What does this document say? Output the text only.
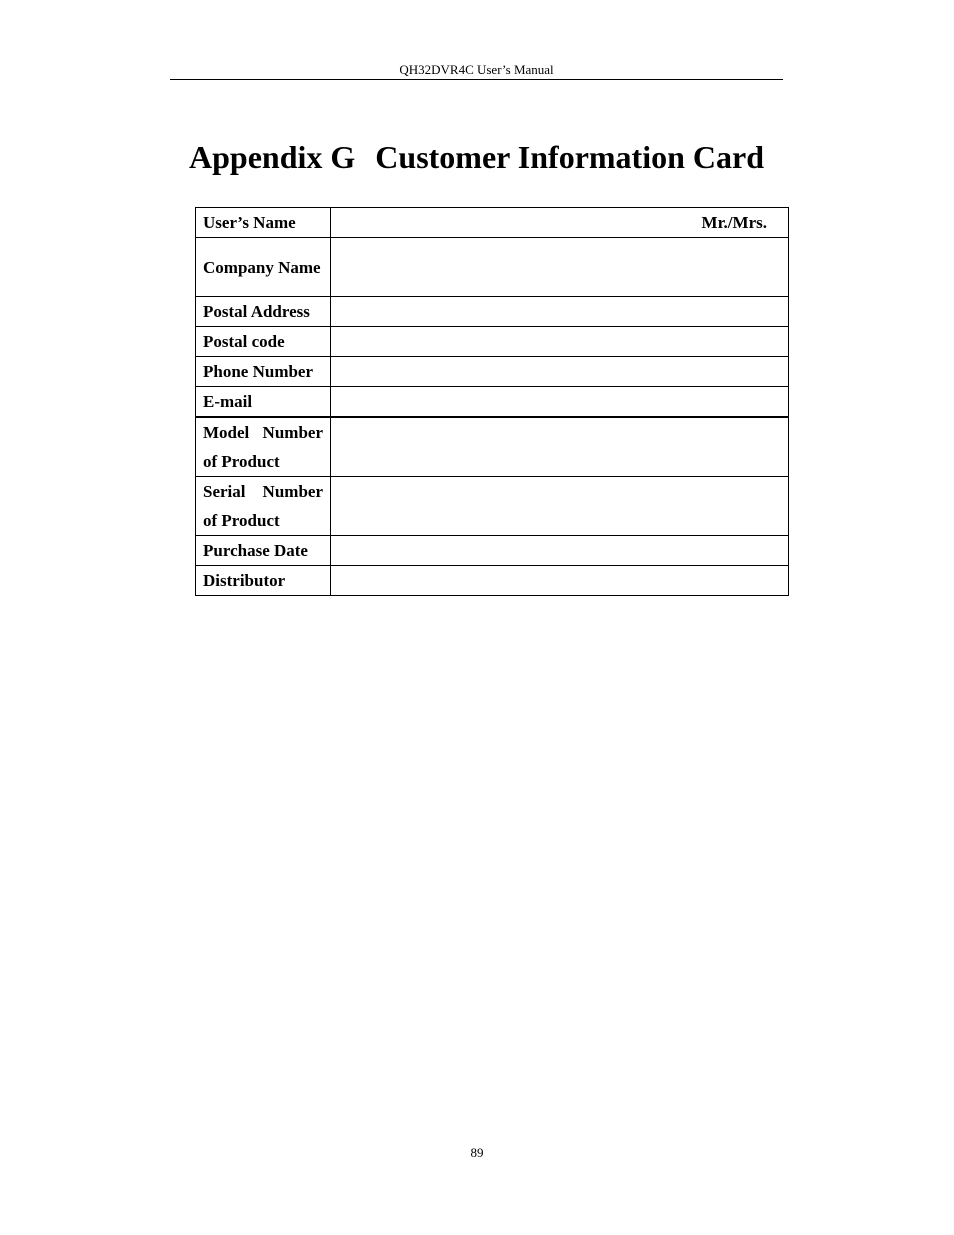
QH32DVR4C User’s Manual
Appendix G Customer Information Card
User’s Name	Mr./Mrs.
Company Name	
Postal Address	
Postal code	
Phone Number	
E-mail	
Model Number of Product	
Serial Number of Product	
Purchase Date	
Distributor	
89
